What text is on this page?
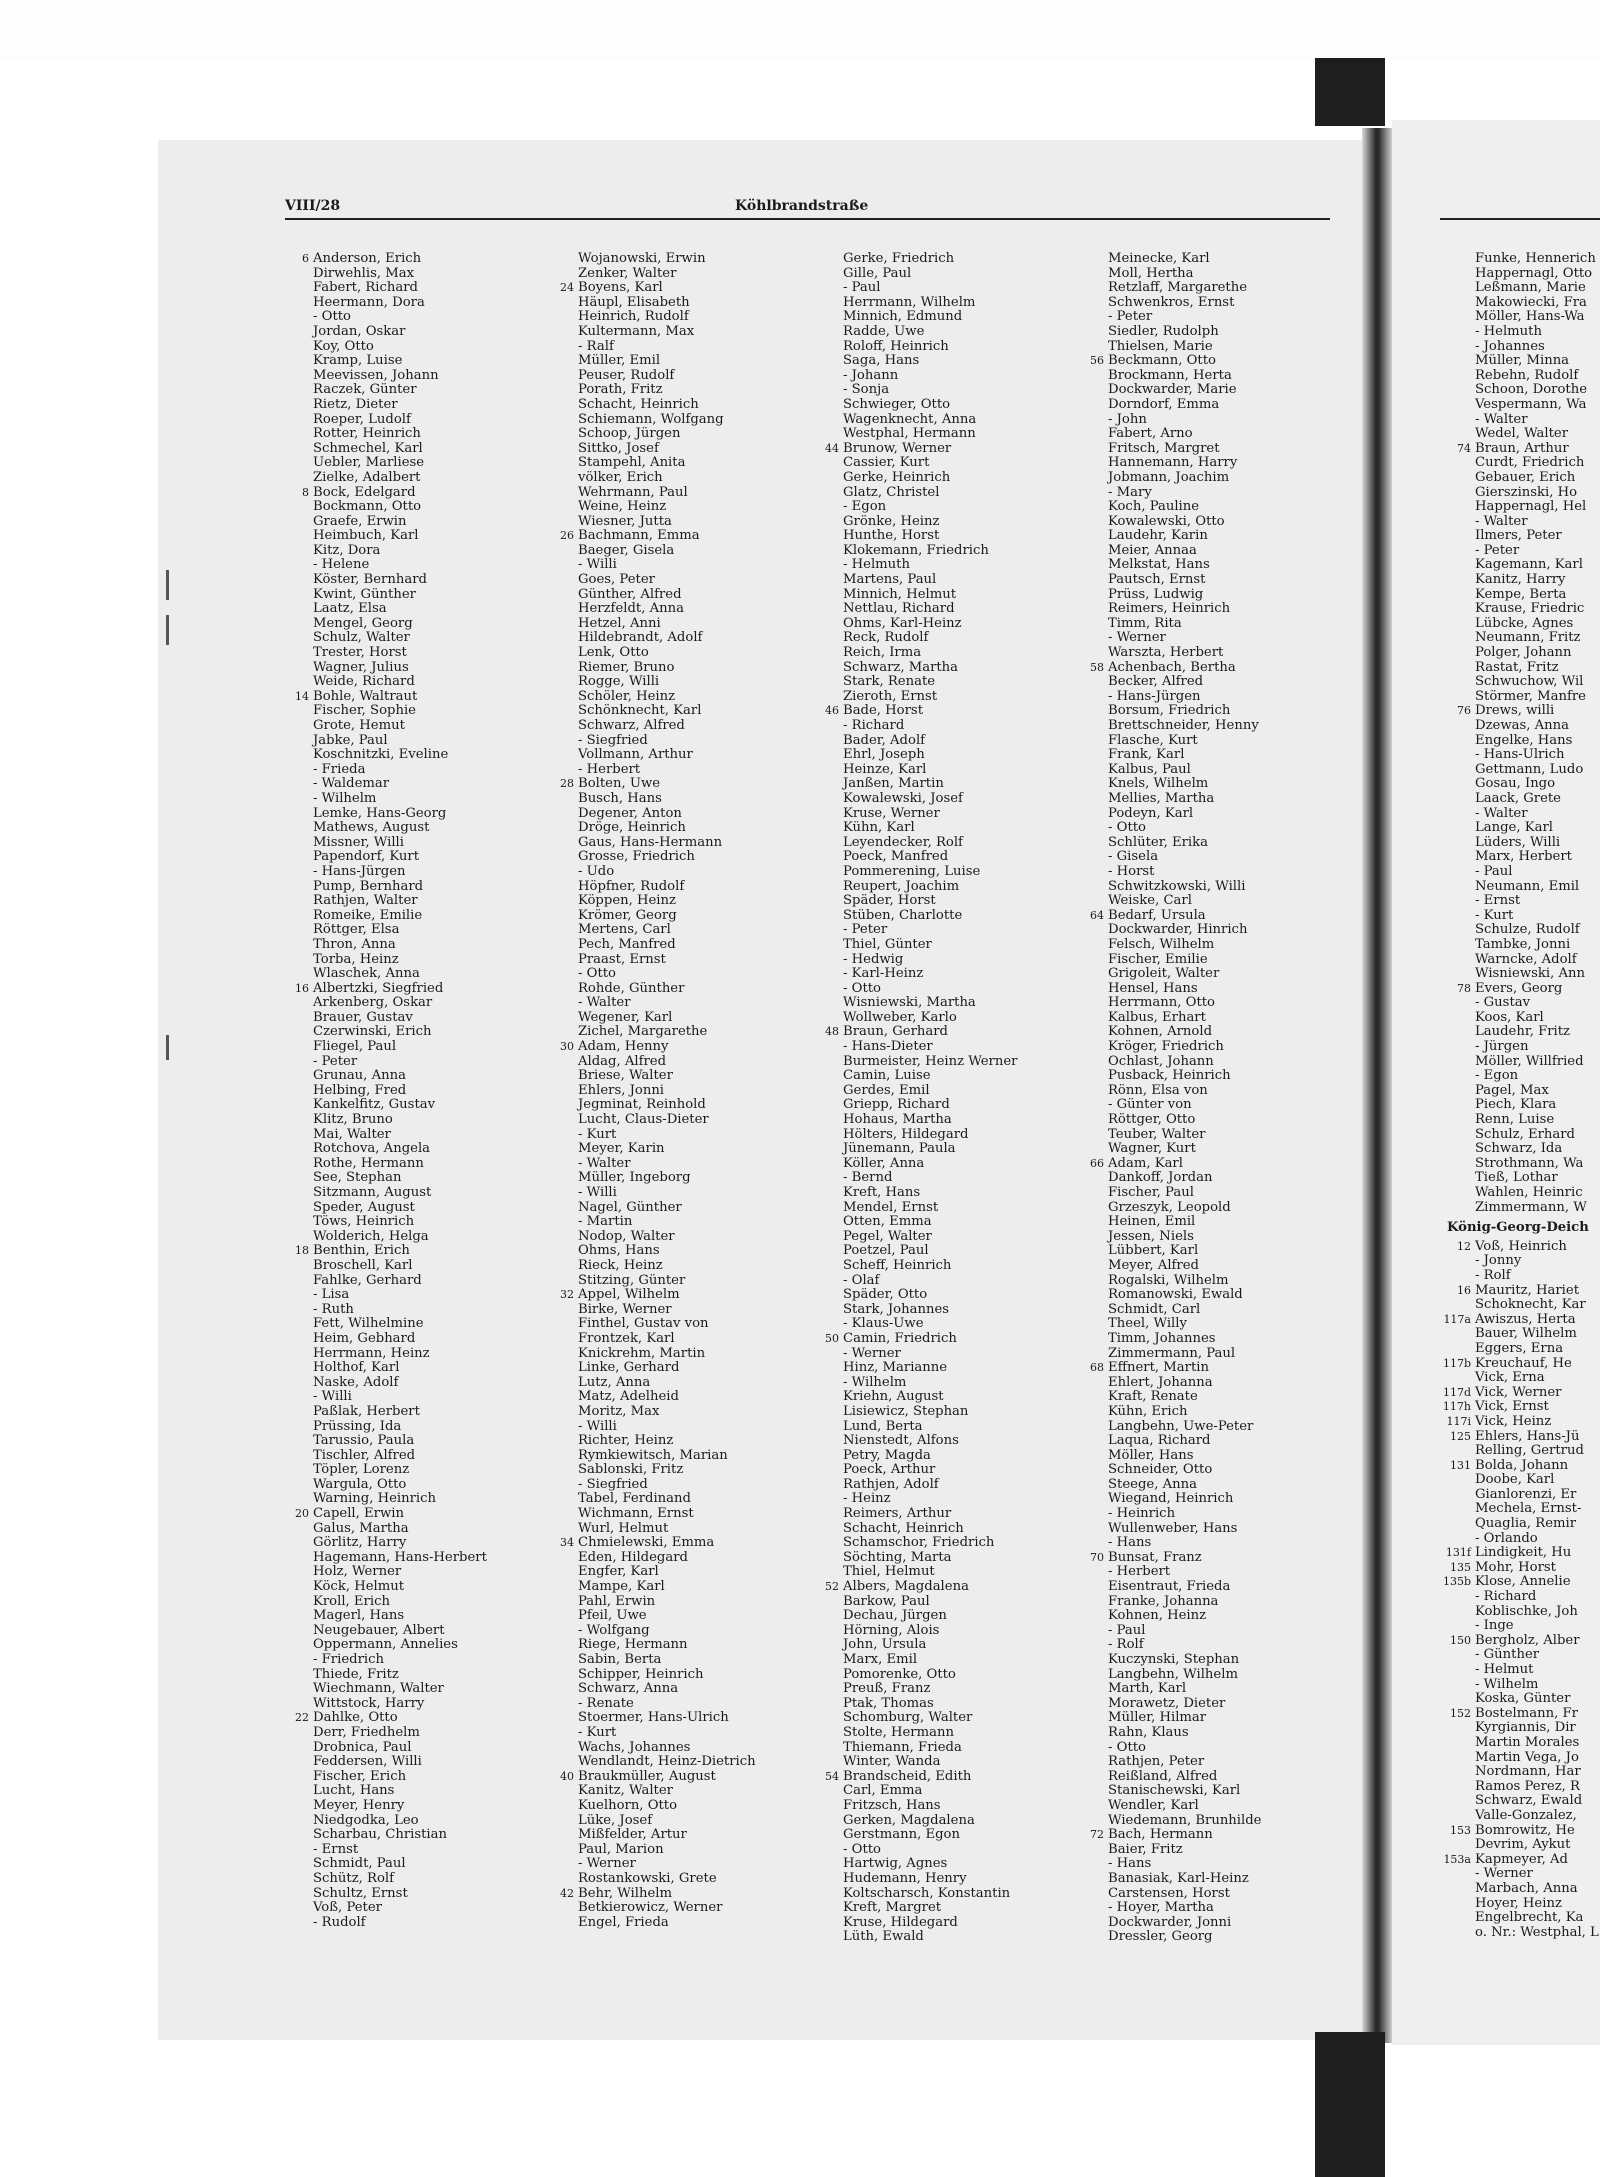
VIII/28	Köhlbrandstraße
6 Anderson, Erich
Dirwehlis, Max
Fabert, Richard
Heermann, Dora
- Otto
Jordan, Oskar
Koy, Otto
Kramp, Luise
Meevissen, Johann
Raczek, Günter
Rietz, Dieter
Roeper, Ludolf
Rotter, Heinrich
Schmechel, Karl
Uebler, Marliese
Zielke, Adalbert
8 Bock, Edelgard
Bockmann, Otto
Graefe, Erwin
Heimbuch, Karl
Kitz, Dora
- Helene
Köster, Bernhard
Kwint, Günther
Laatz, Elsa
Mengel, Georg
Schulz, Walter
Trester, Horst
Wagner, Julius
Weide, Richard
14 Bohle, Waltraut
Fischer, Sophie
Grote, Hemut
Jabke, Paul
Koschnitzki, Eveline
- Frieda
- Waldemar
- Wilhelm
Lemke, Hans-Georg
Mathews, August
Missner, Willi
Papendorf, Kurt
- Hans-Jürgen
Pump, Bernhard
Rathjen, Walter
Romeike, Emilie
Röttger, Elsa
Thron, Anna
Torba, Heinz
Wlaschek, Anna
16 Albertzki, Siegfried
Arkenberg, Oskar
Brauer, Gustav
Czerwinski, Erich
Fliegel, Paul
- Peter
Grunau, Anna
Helbing, Fred
Kankelfitz, Gustav
Klitz, Bruno
Mai, Walter
Rotchova, Angela
Rothe, Hermann
See, Stephan
Sitzmann, August
Speder, August
Töws, Heinrich
Wolderich, Helga
18 Benthin, Erich
Broschell, Karl
Fahlke, Gerhard
- Lisa
- Ruth
Fett, Wilhelmine
Heim, Gebhard
Herrmann, Heinz
Holthof, Karl
Naske, Adolf
- Willi
Paßlak, Herbert
Prüssing, Ida
Tarussio, Paula
Tischler, Alfred
Töpler, Lorenz
Wargula, Otto
Warning, Heinrich
20 Capell, Erwin
Galus, Martha
Görlitz, Harry
Hagemann, Hans-Herbert
Holz, Werner
Köck, Helmut
Kroll, Erich
Magerl, Hans
Neugebauer, Albert
Oppermann, Annelies
- Friedrich
Thiede, Fritz
Wiechmann, Walter
Wittstock, Harry
22 Dahlke, Otto
Derr, Friedhelm
Drobnica, Paul
Feddersen, Willi
Fischer, Erich
Lucht, Hans
Meyer, Henry
Niedgodka, Leo
Scharbau, Christian
- Ernst
Schmidt, Paul
Schütz, Rolf
Schultz, Ernst
Voß, Peter
- Rudolf
Wojanowski, Erwin
Zenker, Walter
24 Boyens, Karl
Häupl, Elisabeth
Heinrich, Rudolf
Kultermann, Max
- Ralf
Müller, Emil
Peuser, Rudolf
Porath, Fritz
Schacht, Heinrich
Schiemann, Wolfgang
Schoop, Jürgen
Sittko, Josef
Stampehl, Anita
völker, Erich
Wehrmann, Paul
Weine, Heinz
Wiesner, Jutta
26 Bachmann, Emma
Baeger, Gisela
- Willi
Goes, Peter
Günther, Alfred
Herzfeldt, Anna
Hetzel, Anni
Hildebrandt, Adolf
Lenk, Otto
Riemer, Bruno
Rogge, Willi
Schöler, Heinz
Schönknecht, Karl
Schwarz, Alfred
- Siegfried
Vollmann, Arthur
- Herbert
28 Bolten, Uwe
Busch, Hans
Degener, Anton
Dröge, Heinrich
Gaus, Hans-Hermann
Grosse, Friedrich
- Udo
Höpfner, Rudolf
Köppen, Heinz
Krömer, Georg
Mertens, Carl
Pech, Manfred
Praast, Ernst
- Otto
Rohde, Günther
- Walter
Wegener, Karl
Zichel, Margarethe
30 Adam, Henny
Aldag, Alfred
Briese, Walter
Ehlers, Jonni
Jegminat, Reinhold
Lucht, Claus-Dieter
- Kurt
Meyer, Karin
- Walter
Müller, Ingeborg
- Willi
Nagel, Günther
- Martin
Nodop, Walter
Ohms, Hans
Rieck, Heinz
Stitzing, Günter
32 Appel, Wilhelm
Birke, Werner
Finthel, Gustav von
Frontzek, Karl
Knickrehm, Martin
Linke, Gerhard
Lutz, Anna
Matz, Adelheid
Moritz, Max
- Willi
Richter, Heinz
Rymkiewitsch, Marian
Sablonski, Fritz
- Siegfried
Tabel, Ferdinand
Wichmann, Ernst
Wurl, Helmut
34 Chmielewski, Emma
Eden, Hildegard
Engfer, Karl
Mampe, Karl
Pahl, Erwin
Pfeil, Uwe
- Wolfgang
Riege, Hermann
Sabin, Berta
Schipper, Heinrich
Schwarz, Anna
- Renate
Stoermer, Hans-Ulrich
- Kurt
Wachs, Johannes
Wendlandt, Heinz-Dietrich
40 Braukmüller, August
Kanitz, Walter
Kuelhorn, Otto
Lüke, Josef
Mißfelder, Artur
Paul, Marion
- Werner
Rostankowski, Grete
42 Behr, Wilhelm
Betkierowicz, Werner
Engel, Frieda
Gerke, Friedrich
Gille, Paul
- Paul
Herrmann, Wilhelm
Minnich, Edmund
Radde, Uwe
Roloff, Heinrich
Saga, Hans
- Johann
- Sonja
Schwieger, Otto
Wagenknecht, Anna
Westphal, Hermann
44 Brunow, Werner
Cassier, Kurt
Gerke, Heinrich
Glatz, Christel
- Egon
Grönke, Heinz
Hunthe, Horst
Klokemann, Friedrich
- Helmuth
Martens, Paul
Minnich, Helmut
Nettlau, Richard
Ohms, Karl-Heinz
Reck, Rudolf
Reich, Irma
Schwarz, Martha
Stark, Renate
Zieroth, Ernst
46 Bade, Horst
- Richard
Bader, Adolf
Ehrl, Joseph
Heinze, Karl
Janßen, Martin
Kowalewski, Josef
Kruse, Werner
Kühn, Karl
Leyendecker, Rolf
Poeck, Manfred
Pommerening, Luise
Reupert, Joachim
Späder, Horst
Stüben, Charlotte
- Peter
Thiel, Günter
- Hedwig
- Karl-Heinz
- Otto
Wisniewski, Martha
Wollweber, Karlo
48 Braun, Gerhard
- Hans-Dieter
Burmeister, Heinz Werner
Camin, Luise
Gerdes, Emil
Griepp, Richard
Hohaus, Martha
Hölters, Hildegard
Jünemann, Paula
Köller, Anna
- Bernd
Kreft, Hans
Mendel, Ernst
Otten, Emma
Pegel, Walter
Poetzel, Paul
Scheff, Heinrich
- Olaf
Späder, Otto
Stark, Johannes
- Klaus-Uwe
50 Camin, Friedrich
- Werner
Hinz, Marianne
- Wilhelm
Kriehn, August
Lisiewicz, Stephan
Lund, Berta
Nienstedt, Alfons
Petry, Magda
Poeck, Arthur
Rathjen, Adolf
- Heinz
Reimers, Arthur
Schacht, Heinrich
Schamschor, Friedrich
Söchting, Marta
Thiel, Helmut
52 Albers, Magdalena
Barkow, Paul
Dechau, Jürgen
Hörning, Alois
John, Ursula
Marx, Emil
Pomorenke, Otto
Preuß, Franz
Ptak, Thomas
Schomburg, Walter
Stolte, Hermann
Thiemann, Frieda
Winter, Wanda
54 Brandscheid, Edith
Carl, Emma
Fritzsch, Hans
Gerken, Magdalena
Gerstmann, Egon
- Otto
Hartwig, Agnes
Hudemann, Henry
Koltscharsch, Konstantin
Kreft, Margret
Kruse, Hildegard
Lüth, Ewald
Meinecke, Karl
Moll, Hertha
Retzlaff, Margarethe
Schwenkros, Ernst
- Peter
Siedler, Rudolph
Thielsen, Marie
56 Beckmann, Otto
Brockmann, Herta
Dockwarder, Marie
Dorndorf, Emma
- John
Fabert, Arno
Fritsch, Margret
Hannemann, Harry
Jobmann, Joachim
- Mary
Koch, Pauline
Kowalewski, Otto
Laudehr, Karin
Meier, Annaa
Melkstat, Hans
Pautsch, Ernst
Prüss, Ludwig
Reimers, Heinrich
Timm, Rita
- Werner
Warszta, Herbert
58 Achenbach, Bertha
Becker, Alfred
- Hans-Jürgen
Borsum, Friedrich
Brettschneider, Henny
Flasche, Kurt
Frank, Karl
Kalbus, Paul
Knels, Wilhelm
Mellies, Martha
Podeyn, Karl
- Otto
Schlüter, Erika
- Gisela
- Horst
Schwitzkowski, Willi
Weiske, Carl
64 Bedarf, Ursula
Dockwarder, Hinrich
Felsch, Wilhelm
Fischer, Emilie
Grigoleit, Walter
Hensel, Hans
Herrmann, Otto
Kalbus, Erhart
Kohnen, Arnold
Kröger, Friedrich
Ochlast, Johann
Pusback, Heinrich
Rönn, Elsa von
- Günter von
Röttger, Otto
Teuber, Walter
Wagner, Kurt
66 Adam, Karl
Dankoff, Jordan
Fischer, Paul
Grzeszyk, Leopold
Heinen, Emil
Jessen, Niels
Lübbert, Karl
Meyer, Alfred
Rogalski, Wilhelm
Romanowski, Ewald
Schmidt, Carl
Theel, Willy
Timm, Johannes
Zimmermann, Paul
68 Effnert, Martin
Ehlert, Johanna
Kraft, Renate
Kühn, Erich
Langbehn, Uwe-Peter
Laqua, Richard
Möller, Hans
Schneider, Otto
Steege, Anna
Wiegand, Heinrich
- Heinrich
Wullenweber, Hans
- Hans
70 Bunsat, Franz
- Herbert
Eisentraut, Frieda
Franke, Johanna
Kohnen, Heinz
- Paul
- Rolf
Kuczynski, Stephan
Langbehn, Wilhelm
Marth, Karl
Morawetz, Dieter
Müller, Hilmar
Rahn, Klaus
- Otto
Rathjen, Peter
Reißland, Alfred
Stanischewski, Karl
Wendler, Karl
Wiedemann, Brunhilde
72 Bach, Hermann
Baier, Fritz
- Hans
Banasiak, Karl-Heinz
Carstensen, Horst
- Hoyer, Martha
Dockwarder, Jonni
Dressler, Georg
Funke, Hennerich
Happernagl, Otto
Leßmann, Marie
Makowiecki, Fra
Möller, Hans-Wa
- Helmuth
- Johannes
Müller, Minna
Rebehn, Rudolf
Schoon, Dorothe
Vespermann, Wa
- Walter
Wedel, Walter
74 Braun, Arthur
Curdt, Friedrich
Gebauer, Erich
Gierszinski, Ho
Happernagl, Hel
- Walter
Ilmers, Peter
- Peter
Kagemann, Karl
Kanitz, Harry
Kempe, Berta
Krause, Friedric
Lübcke, Agnes
Neumann, Fritz
Polger, Johann
Rastat, Fritz
Schwuchow, Wil
Störmer, Manfre
76 Drews, willi
Dzewas, Anna
Engelke, Hans
- Hans-Ulrich
Gettmann, Ludo
Gosau, Ingo
Laack, Grete
- Walter
Lange, Karl
Lüders, Willi
Marx, Herbert
- Paul
Neumann, Emil
- Ernst
- Kurt
Schulze, Rudolf
Tambke, Jonni
Warncke, Adolf
Wisniewski, Ann
78 Evers, Georg
- Gustav
Koos, Karl
Laudehr, Fritz
- Jürgen
Möller, Willfried
- Egon
Pagel, Max
Piech, Klara
Renn, Luise
Schulz, Erhard
Schwarz, Ida
Strothmann, Wa
Tieß, Lothar
Wahlen, Heinric
Zimmermann, W
König-Georg-Deich
12 Voß, Heinrich
- Jonny
- Rolf
16 Mauritz, Hariet
Schoknecht, Kar
117a Awiszus, Herta
Bauer, Wilhelm
Eggers, Erna
117b Kreuchauf, He
Vick, Erna
117d Vick, Werner
117h Vick, Ernst
117i Vick, Heinz
125 Ehlers, Hans-Jü
Relling, Gertrud
131 Bolda, Johann
Doobe, Karl
Gianlorenzi, Er
Mechela, Ernst-
Quaglia, Remir
- Orlando
131f Lindigkeit, Hu
135 Mohr, Horst
135b Klose, Annelie
- Richard
Koblischke, Joh
- Inge
150 Bergholz, Alber
- Günther
- Helmut
- Wilhelm
Koska, Günter
152 Bostelmann, Fr
Kyrgiannis, Dir
Martin Morales
Martin Vega, Jo
Nordmann, Har
Ramos Perez, R
Schwarz, Ewald
Valle-Gonzalez,
153 Bomrowitz, He
Devrim, Aykut
153a Kapmeyer, Ad
- Werner
Marbach, Anna
Hoyer, Heinz
Engelbrecht, Ka
o. Nr.: Westphal, L
